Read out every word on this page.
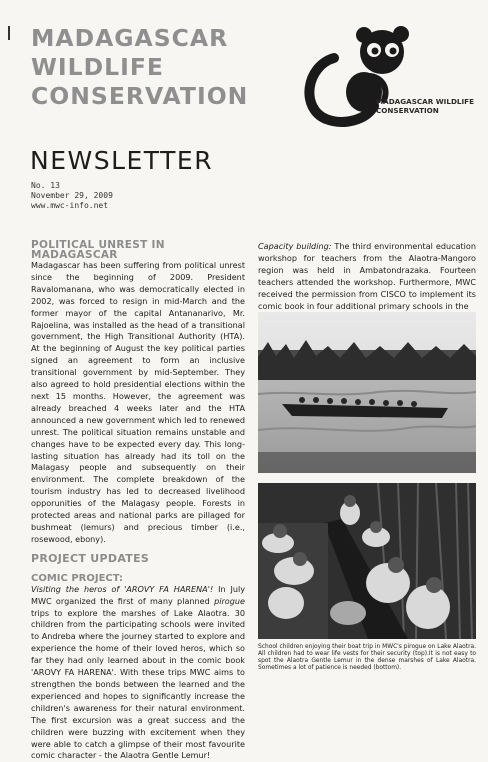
MADAGASCAR
WILDLIFE
CONSERVATION	MADAGASCAR WILDLIFE
CONSERVATION
NEWSLETTER
No. 13
November 29, 2009
www.mwc-info.net
POLITICAL UNREST IN
MADAGASCAR

Madagascar has been suffering from political unrest since the beginning of 2009. President Ravalomanana, who was democratically elected in 2002, was forced to resign in mid-March and the former mayor of the capital Antananarivo, Mr. Rajoelina, was installed as the head of a transitional government, the High Transitional Authority (HTA). At the beginning of August the key political parties signed an agreement to form an inclusive transitional government by mid-September. They also agreed to hold presidential elections within the next 15 months. However, the agreement was already breached 4 weeks later and the HTA announced a new government which led to renewed unrest. The political situation remains unstable and changes have to be expected every day. This long-lasting situation has already had its toll on the Malagasy people and subsequently on their environment. The complete breakdown of the tourism industry has led to decreased livelihood opporunities of the Malagasy people. Forests in protected areas and national parks are pillaged for bushmeat (lemurs) and precious timber (i.e., rosewood, ebony).

PROJECT UPDATES
COMIC PROJECT:

Visiting the heros of 'AROVY FA HARENA'! In July MWC organized the first of many planned pirogue trips to explore the marshes of Lake Alaotra. 30 children from the participating schools were invited to Andreba where the journey started to explore and experience the home of their loved heros, which so far they had only learned about in the comic book 'AROVY FA HARENA'. With these trips MWC aims to strengthen the bonds between the learned and the experienced and hopes to significantly increase the children's awareness for their natural environment. The first excursion was a great success and the children were buzzing with excitement when they were able to catch a glimpse of their most favourite comic character - the Alaotra Gentle Lemur!

Capacity building: The third environmental education workshop for teachers from the Alaotra-Mangoro region was held in Ambatondrazaka. Fourteen teachers attended the workshop. Furthermore, MWC received the permission from CISCO to implement its comic book in four additional primary schools in the

School children enjoying their boat trip in MWC's pirogue on Lake Alaotra. All children had to wear life vests for their security (top).It is not easy to spot the Alaotra Gentle Lemur in the dense marshes of Lake Alaotra. Sometimes a lot of patience is needed (bottom).
